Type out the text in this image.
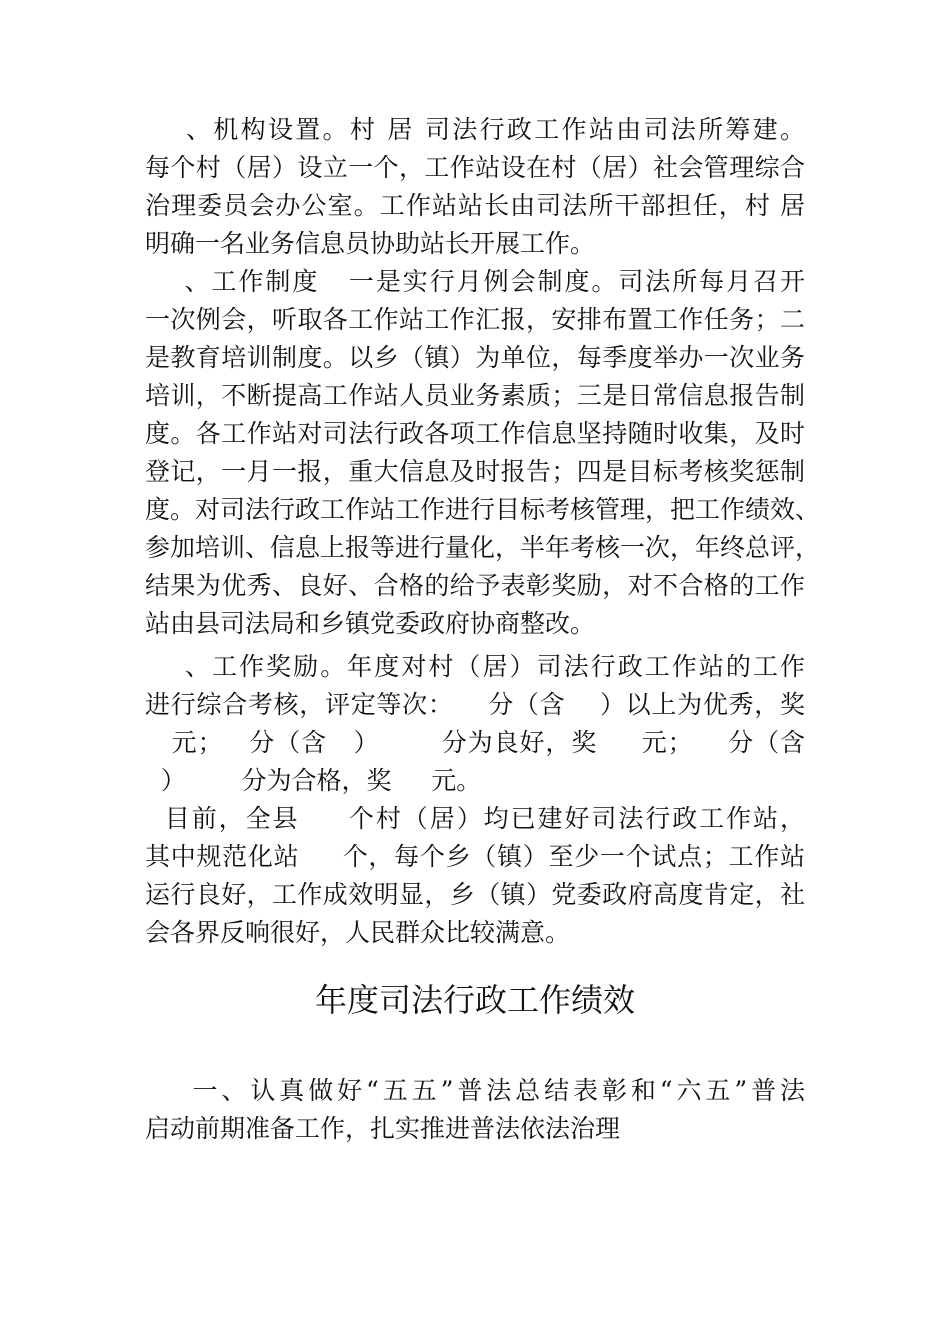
、机构设置。村 居 司法行政工作站由司法所筹建。
每个村（居）设立一个，工作站设在村（居）社会管理综合
治理委员会办公室。工作站站长由司法所干部担任，村 居
明确一名业务信息员协助站长开展工作。
、工作制度   一是实行月例会制度。司法所每月召开
一次例会，听取各工作站工作汇报，安排布置工作任务；二
是教育培训制度。以乡（镇）为单位，每季度举办一次业务
培训，不断提高工作站人员业务素质；三是日常信息报告制
度。各工作站对司法行政各项工作信息坚持随时收集，及时
登记，一月一报，重大信息及时报告；四是目标考核奖惩制
度。对司法行政工作站工作进行目标考核管理，把工作绩效、
参加培训、信息上报等进行量化，半年考核一次，年终总评，
结果为优秀、良好、合格的给予表彰奖励，对不合格的工作
站由县司法局和乡镇党委政府协商整改。
、工作奖励。年度对村（居）司法行政工作站的工作
进行综合考核，评定等次：    分（含    ）以上为优秀，奖
元；   分（含   ）       分为良好，奖     元；    分（含
）       分为合格，奖     元。
目前，全县     个村（居）均已建好司法行政工作站，
其中规范化站     个，每个乡（镇）至少一个试点；工作站
运行良好，工作成效明显，乡（镇）党委政府高度肯定，社
会各界反响很好，人民群众比较满意。
年度司法行政工作绩效
一、认真做好“五五”普法总结表彰和“六五”普法
启动前期准备工作，扎实推进普法依法治理
